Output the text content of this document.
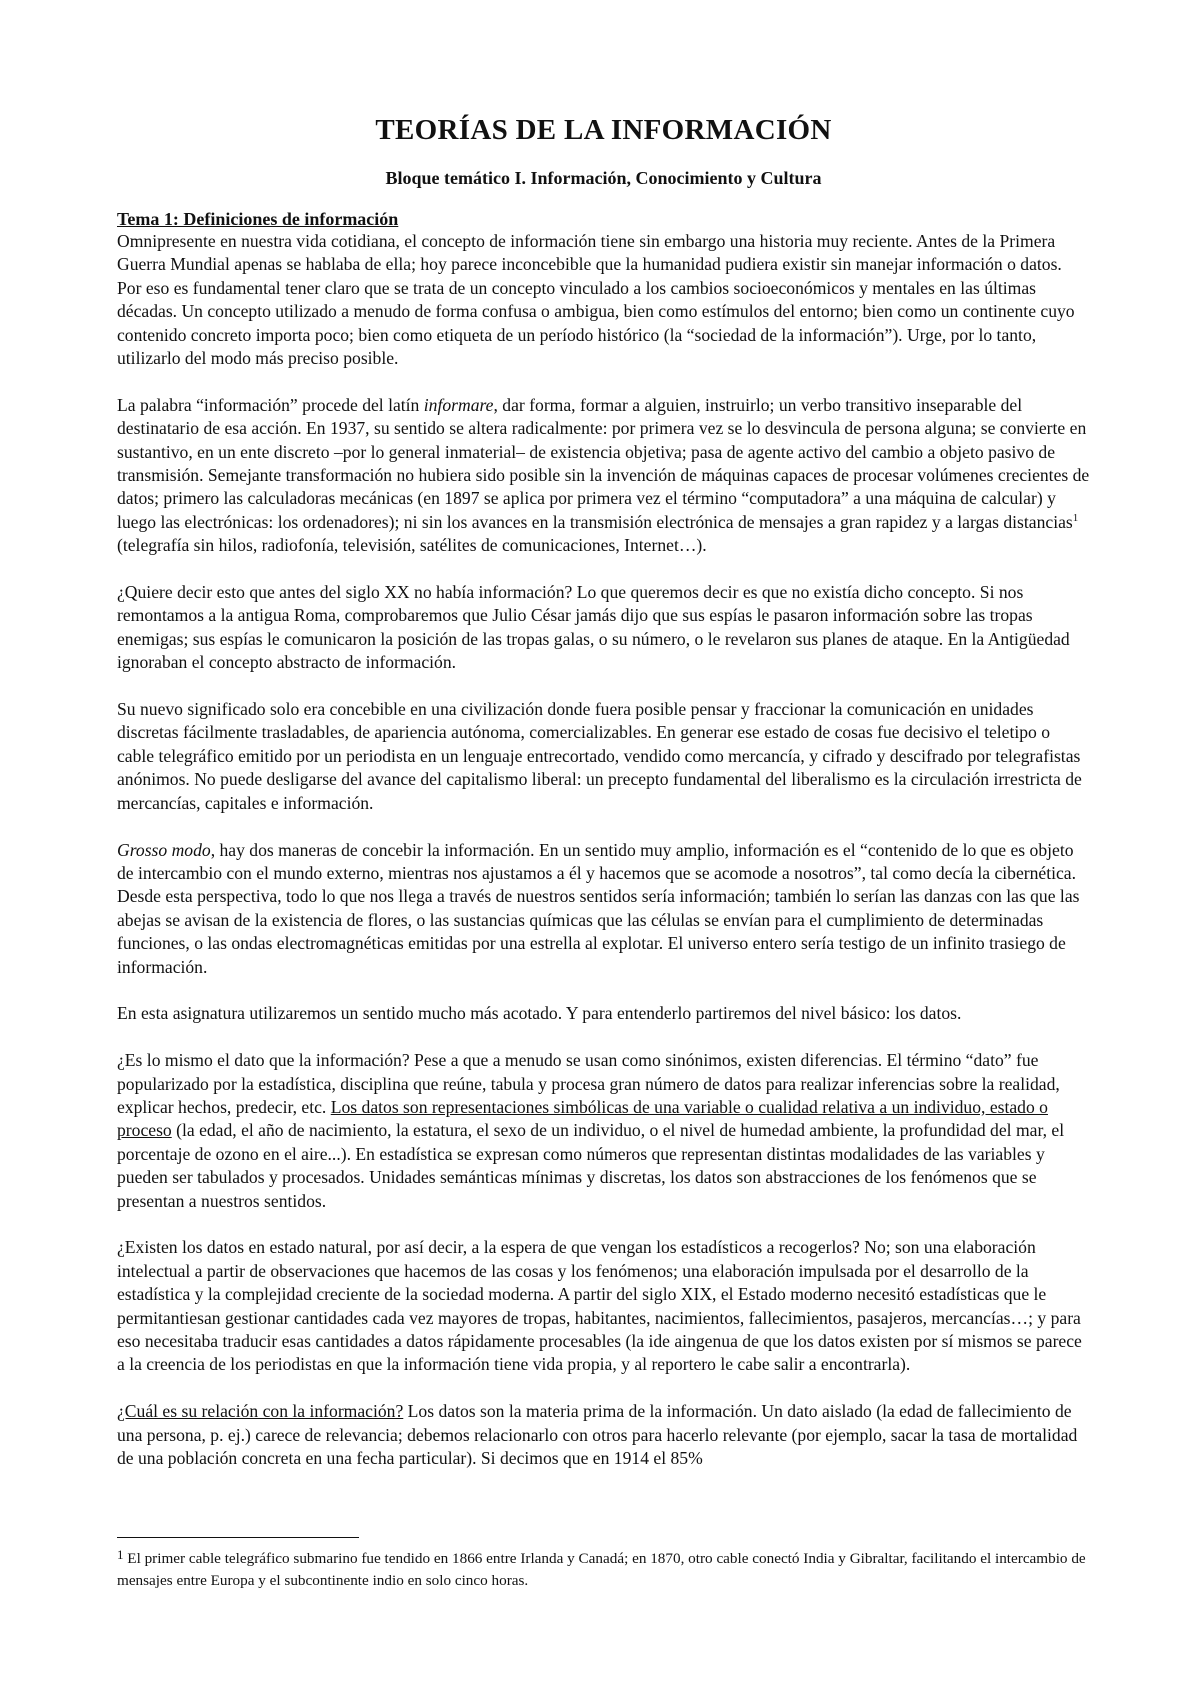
TEORÍAS DE LA INFORMACIÓN
Bloque temático I. Información, Conocimiento y Cultura
Tema 1: Definiciones de información

Omnipresente en nuestra vida cotidiana, el concepto de información tiene sin embargo una historia muy reciente. Antes de la Primera Guerra Mundial apenas se hablaba de ella; hoy parece inconcebible que la humanidad pudiera existir sin manejar información o datos. Por eso es fundamental tener claro que se trata de un concepto vinculado a los cambios socioeconómicos y mentales en las últimas décadas. Un concepto utilizado a menudo de forma confusa o ambigua, bien como estímulos del entorno; bien como un continente cuyo contenido concreto importa poco; bien como etiqueta de un período histórico (la “sociedad de la información”). Urge, por lo tanto, utilizarlo del modo más preciso posible.

La palabra “información” procede del latín informare, dar forma, formar a alguien, instruirlo; un verbo transitivo inseparable del destinatario de esa acción. En 1937, su sentido se altera radicalmente: por primera vez se lo desvincula de persona alguna; se convierte en sustantivo, en un ente discreto –por lo general inmaterial– de existencia objetiva; pasa de agente activo del cambio a objeto pasivo de transmisión. Semejante transformación no hubiera sido posible sin la invención de máquinas capaces de procesar volúmenes crecientes de datos; primero las calculadoras mecánicas (en 1897 se aplica por primera vez el término “computadora” a una máquina de calcular) y luego las electrónicas: los ordenadores); ni sin los avances en la transmisión electrónica de mensajes a gran rapidez y a largas distancias$^1$ (telegrafía sin hilos, radiofonía, televisión, satélites de comunicaciones, Internet…).

¿Quiere decir esto que antes del siglo XX no había información? Lo que queremos decir es que no existía dicho concepto. Si nos remontamos a la antigua Roma, comprobaremos que Julio César jamás dijo que sus espías le pasaron información sobre las tropas enemigas; sus espías le comunicaron la posición de las tropas galas, o su número, o le revelaron sus planes de ataque. En la Antigüedad ignoraban el concepto abstracto de información.

Su nuevo significado solo era concebible en una civilización donde fuera posible pensar y fraccionar la comunicación en unidades discretas fácilmente trasladables, de apariencia autónoma, comercializables. En generar ese estado de cosas fue decisivo el teletipo o cable telegráfico emitido por un periodista en un lenguaje entrecortado, vendido como mercancía, y cifrado y descifrado por telegrafistas anónimos. No puede desligarse del avance del capitalismo liberal: un precepto fundamental del liberalismo es la circulación irrestricta de mercancías, capitales e información.

Grosso modo, hay dos maneras de concebir la información. En un sentido muy amplio, información es el “contenido de lo que es objeto de intercambio con el mundo externo, mientras nos ajustamos a él y hacemos que se acomode a nosotros”, tal como decía la cibernética. Desde esta perspectiva, todo lo que nos llega a través de nuestros sentidos sería información; también lo serían las danzas con las que las abejas se avisan de la existencia de flores, o las sustancias químicas que las células se envían para el cumplimiento de determinadas funciones, o las ondas electromagnéticas emitidas por una estrella al explotar. El universo entero sería testigo de un infinito trasiego de información.

En esta asignatura utilizaremos un sentido mucho más acotado. Y para entenderlo partiremos del nivel básico: los datos.

¿Es lo mismo el dato que la información? Pese a que a menudo se usan como sinónimos, existen diferencias. El término “dato” fue popularizado por la estadística, disciplina que reúne, tabula y procesa gran número de datos para realizar inferencias sobre la realidad, explicar hechos, predecir, etc. Los datos son representaciones simbólicas de una variable o cualidad relativa a un individuo, estado o proceso (la edad, el año de nacimiento, la estatura, el sexo de un individuo, o el nivel de humedad ambiente, la profundidad del mar, el porcentaje de ozono en el aire...). En estadística se expresan como números que representan distintas modalidades de las variables y pueden ser tabulados y procesados. Unidades semánticas mínimas y discretas, los datos son abstracciones de los fenómenos que se presentan a nuestros sentidos.

¿Existen los datos en estado natural, por así decir, a la espera de que vengan los estadísticos a recogerlos? No; son una elaboración intelectual a partir de observaciones que hacemos de las cosas y los fenómenos; una elaboración impulsada por el desarrollo de la estadística y la complejidad creciente de la sociedad moderna. A partir del siglo XIX, el Estado moderno necesitó estadísticas que le permitantiesan gestionar cantidades cada vez mayores de tropas, habitantes, nacimientos, fallecimientos, pasajeros, mercancías…; y para eso necesitaba traducir esas cantidades a datos rápidamente procesables (la ide aingenua de que los datos existen por sí mismos se parece a la creencia de los periodistas en que la información tiene vida propia, y al reportero le cabe salir a encontrarla).

¿Cuál es su relación con la información? Los datos son la materia prima de la información. Un dato aislado (la edad de fallecimiento de una persona, p. ej.) carece de relevancia; debemos relacionarlo con otros para hacerlo relevante (por ejemplo, sacar la tasa de mortalidad de una población concreta en una fecha particular). Si decimos que en 1914 el 85%

$^1$ El primer cable telegráfico submarino fue tendido en 1866 entre Irlanda y Canadá; en 1870, otro cable conectó India y Gibraltar, facilitando el intercambio de mensajes entre Europa y el subcontinente indio en solo cinco horas.
